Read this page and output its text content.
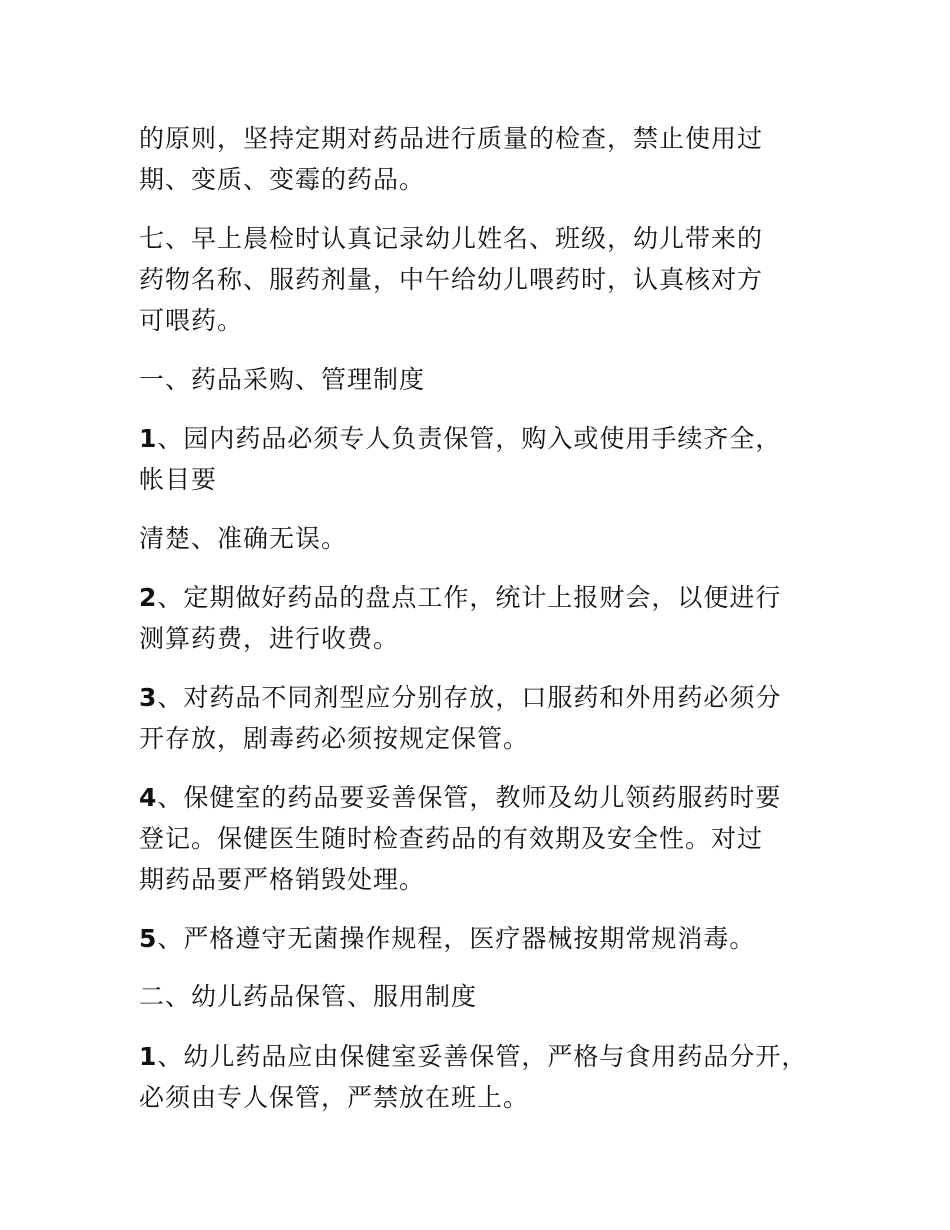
的原则，坚持定期对药品进行质量的检查，禁止使用过
期、变质、变霉的药品。
七、早上晨检时认真记录幼儿姓名、班级，幼儿带来的
药物名称、服药剂量，中午给幼儿喂药时，认真核对方
可喂药。
一、药品采购、管理制度
1、园内药品必须专人负责保管，购入或使用手续齐全，
帐目要
清楚、准确无误。
2、定期做好药品的盘点工作，统计上报财会，以便进行
测算药费，进行收费。
3、对药品不同剂型应分别存放，口服药和外用药必须分
开存放，剧毒药必须按规定保管。
4、保健室的药品要妥善保管，教师及幼儿领药服药时要
登记。保健医生随时检查药品的有效期及安全性。对过
期药品要严格销毁处理。
5、严格遵守无菌操作规程，医疗器械按期常规消毒。
二、幼儿药品保管、服用制度
1、幼儿药品应由保健室妥善保管，严格与食用药品分开，
必须由专人保管，严禁放在班上。
